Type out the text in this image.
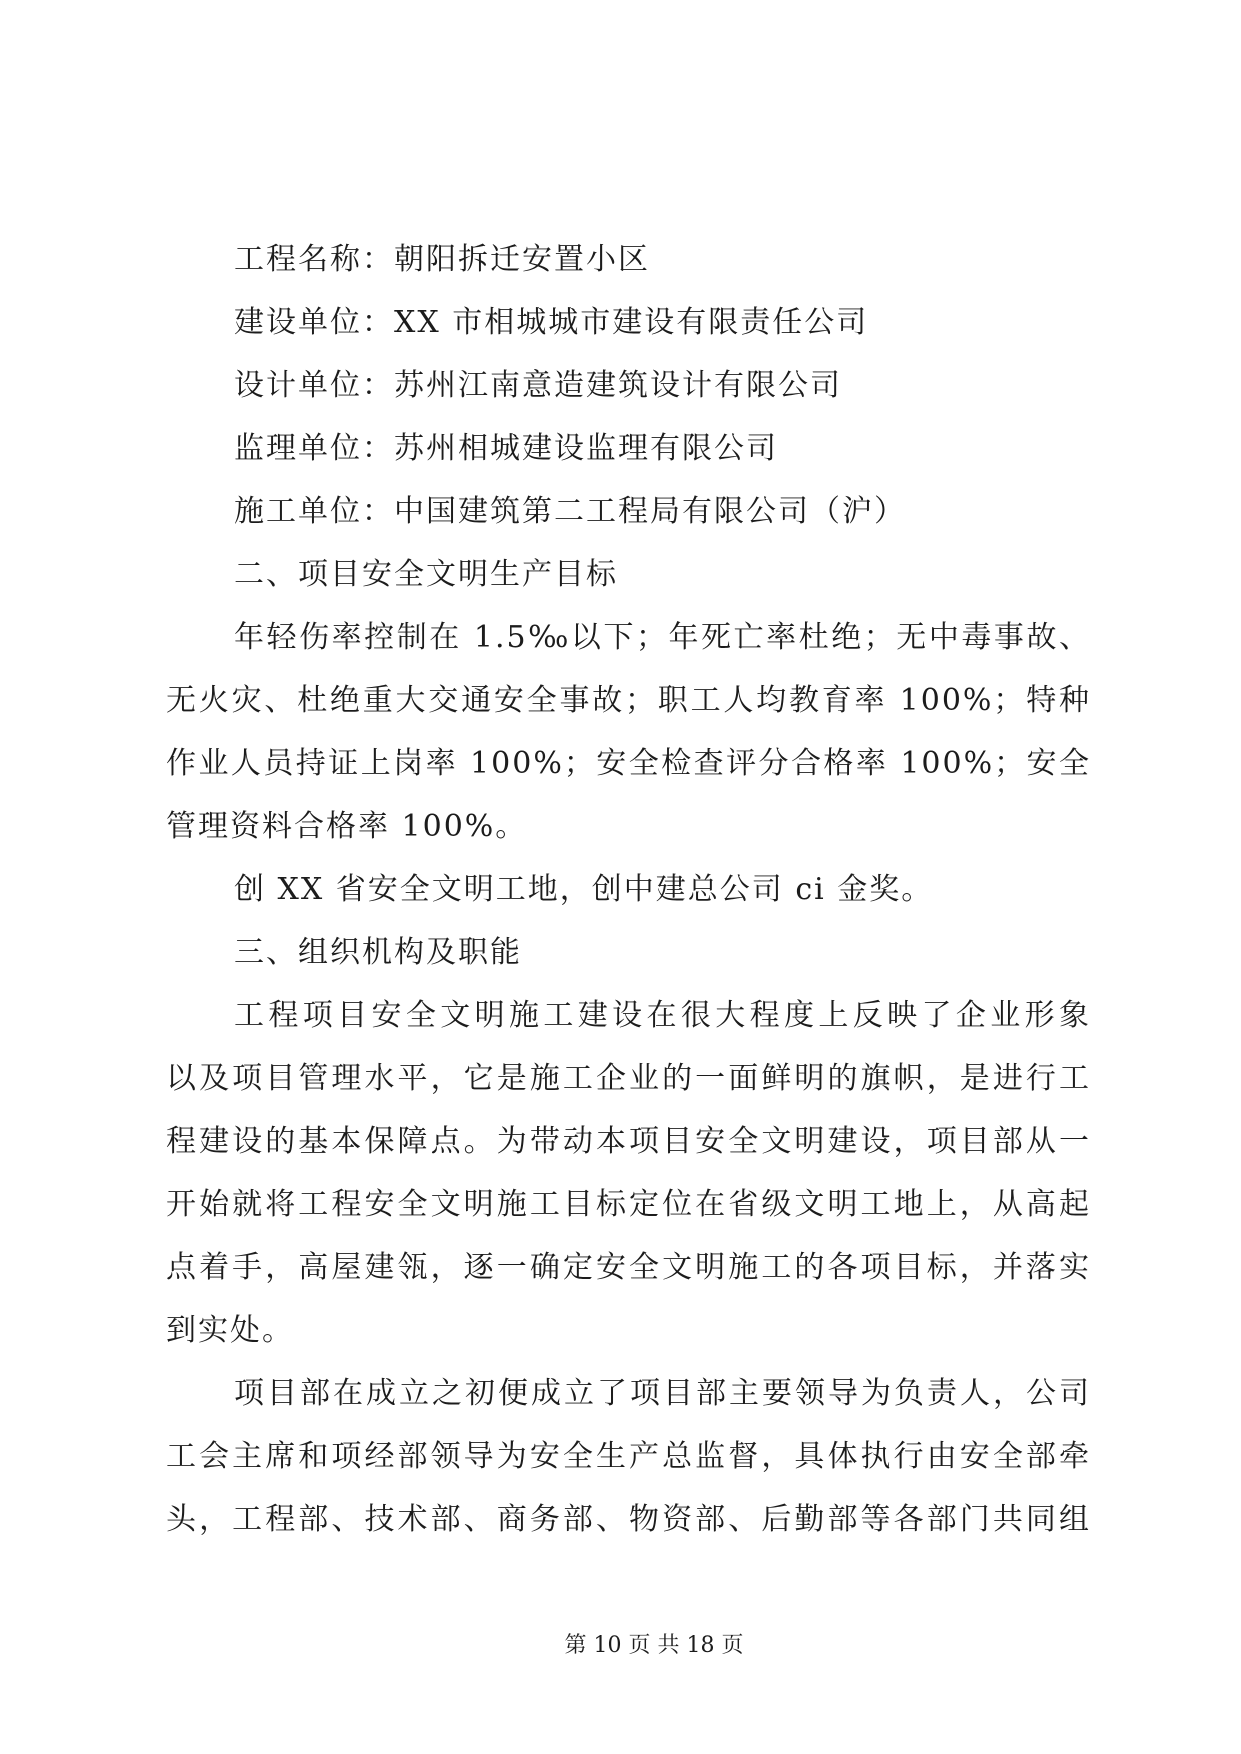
工程名称：朝阳拆迁安置小区
建设单位：XX 市相城城市建设有限责任公司
设计单位：苏州江南意造建筑设计有限公司
监理单位：苏州相城建设监理有限公司
施工单位：中国建筑第二工程局有限公司（沪）
二、项目安全文明生产目标
年轻伤率控制在 1.5‰以下；年死亡率杜绝；无中毒事故、
无火灾、杜绝重大交通安全事故；职工人均教育率 100%；特种
作业人员持证上岗率 100%；安全检查评分合格率 100%；安全
管理资料合格率 100%。
创 XX 省安全文明工地，创中建总公司 ci 金奖。
三、组织机构及职能
工程项目安全文明施工建设在很大程度上反映了企业形象
以及项目管理水平，它是施工企业的一面鲜明的旗帜，是进行工
程建设的基本保障点。为带动本项目安全文明建设，项目部从一
开始就将工程安全文明施工目标定位在省级文明工地上，从高起
点着手，高屋建瓴，逐一确定安全文明施工的各项目标，并落实
到实处。
项目部在成立之初便成立了项目部主要领导为负责人，公司
工会主席和项经部领导为安全生产总监督，具体执行由安全部牵
头，工程部、技术部、商务部、物资部、后勤部等各部门共同组
第 10 页 共 18 页
